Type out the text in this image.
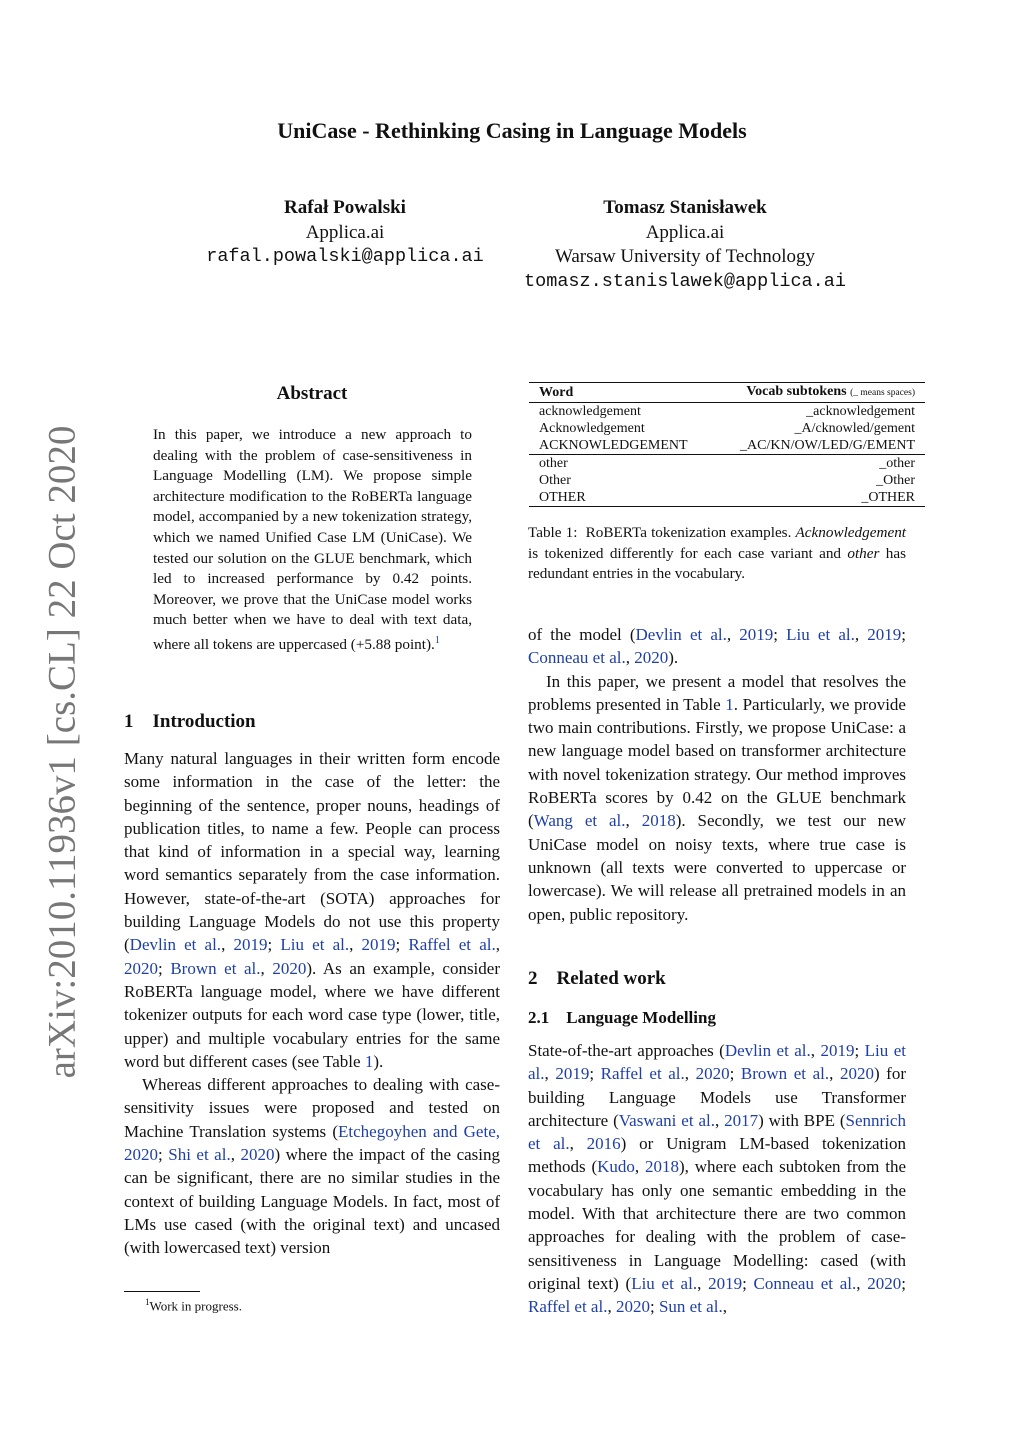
UniCase - Rethinking Casing in Language Models
Rafał Powalski
Applica.ai
rafal.powalski@applica.ai
Tomasz Stanisławek
Applica.ai
Warsaw University of Technology
tomasz.stanislawek@applica.ai
arXiv:2010.11936v1 [cs.CL] 22 Oct 2020
Abstract
In this paper, we introduce a new approach to dealing with the problem of case-sensitiveness in Language Modelling (LM). We propose simple architecture modification to the RoBERTa language model, accompanied by a new tokenization strategy, which we named Unified Case LM (UniCase). We tested our solution on the GLUE benchmark, which led to increased performance by 0.42 points. Moreover, we prove that the UniCase model works much better when we have to deal with text data, where all tokens are uppercased (+5.88 point).$^1$
1 Introduction

Many natural languages in their written form encode some information in the case of the letter: the beginning of the sentence, proper nouns, headings of publication titles, to name a few. People can process that kind of information in a special way, learning word semantics separately from the case information. However, state-of-the-art (SOTA) approaches for building Language Models do not use this property (Devlin et al., 2019; Liu et al., 2019; Raffel et al., 2020; Brown et al., 2020). As an example, consider RoBERTa language model, where we have different tokenizer outputs for each word case type (lower, title, upper) and multiple vocabulary entries for the same word but different cases (see Table 1).

Whereas different approaches to dealing with case-sensitivity issues were proposed and tested on Machine Translation systems (Etchegoyhen and Gete, 2020; Shi et al., 2020) where the impact of the casing can be significant, there are no similar studies in the context of building Language Models. In fact, most of LMs use cased (with the original text) and uncased (with lowercased text) version

$^1$Work in progress.
Word	Vocab subtokens (_ means spaces)
acknowledgement	_acknowledgement
Acknowledgement	_A/cknowled/gement
ACKNOWLEDGEMENT	_AC/KN/OW/LED/G/EMENT
other	_other
Other	_Other
OTHER	_OTHER
Table 1: RoBERTa tokenization examples. Acknowledgement is tokenized differently for each case variant and other has redundant entries in the vocabulary.

of the model (Devlin et al., 2019; Liu et al., 2019; Conneau et al., 2020).

In this paper, we present a model that resolves the problems presented in Table 1. Particularly, we provide two main contributions. Firstly, we propose UniCase: a new language model based on transformer architecture with novel tokenization strategy. Our method improves RoBERTa scores by 0.42 on the GLUE benchmark (Wang et al., 2018). Secondly, we test our new UniCase model on noisy texts, where true case is unknown (all texts were converted to uppercase or lowercase). We will release all pretrained models in an open, public repository.

2 Related work
2.1 Language Modelling

State-of-the-art approaches (Devlin et al., 2019; Liu et al., 2019; Raffel et al., 2020; Brown et al., 2020) for building Language Models use Transformer architecture (Vaswani et al., 2017) with BPE (Sennrich et al., 2016) or Unigram LM-based tokenization methods (Kudo, 2018), where each subtoken from the vocabulary has only one semantic embedding in the model. With that architecture there are two common approaches for dealing with the problem of case-sensitiveness in Language Modelling: cased (with original text) (Liu et al., 2019; Conneau et al., 2020; Raffel et al., 2020; Sun et al.,
